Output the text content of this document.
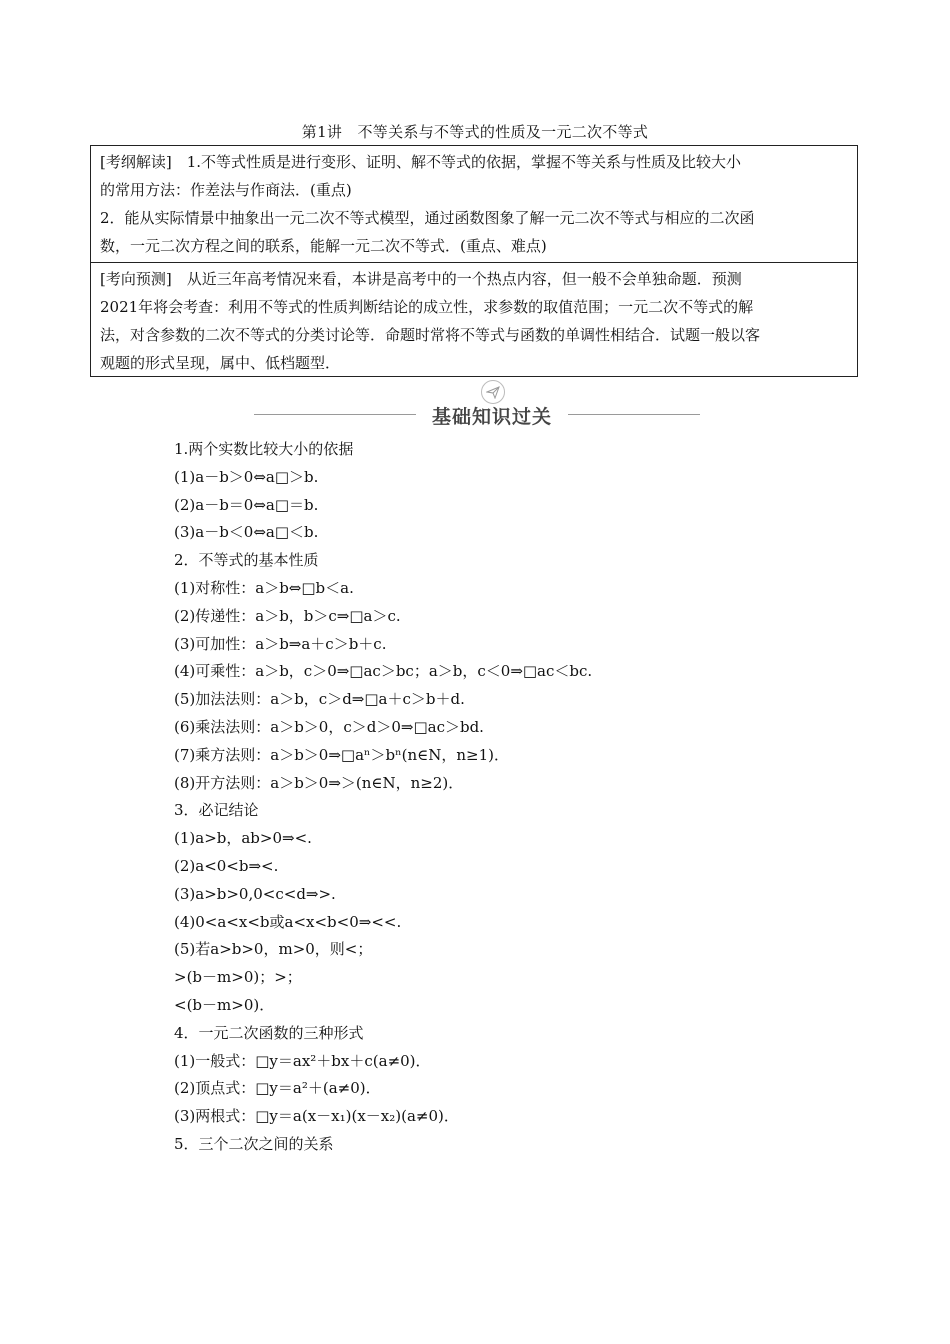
第1讲　不等关系与不等式的性质及一元二次不等式

[考纲解读]　1.不等式性质是进行变形、证明、解不等式的依据，掌握不等关系与性质及比较大小

的常用方法：作差法与作商法．(重点)

2．能从实际情景中抽象出一元二次不等式模型，通过函数图象了解一元二次不等式与相应的二次函

数，一元二次方程之间的联系，能解一元二次不等式．(重点、难点)

[考向预测]　从近三年高考情况来看，本讲是高考中的一个热点内容，但一般不会单独命题．预测

2021年将会考查：利用不等式的性质判断结论的成立性，求参数的取值范围；一元二次不等式的解

法，对含参数的二次不等式的分类讨论等．命题时常将不等式与函数的单调性相结合．试题一般以客

观题的形式呈现，属中、低档题型．

基础知识过关
1.两个实数比较大小的依据
(1)a－b＞0⇔a□＞b.
(2)a－b＝0⇔a□＝b.
(3)a－b＜0⇔a□＜b.
2．不等式的基本性质
(1)对称性：a＞b⇔□b＜a.
(2)传递性：a＞b，b＞c⇒□a＞c.
(3)可加性：a＞b⇒a＋c＞b＋c.
(4)可乘性：a＞b，c＞0⇒□ac＞bc；a＞b，c＜0⇒□ac＜bc.
(5)加法法则：a＞b，c＞d⇒□a＋c＞b＋d.
(6)乘法法则：a＞b＞0，c＞d＞0⇒□ac＞bd.
(7)乘方法则：a＞b＞0⇒□aⁿ＞bⁿ(n∈N，n≥1)．
(8)开方法则：a＞b＞0⇒＞(n∈N，n≥2)．
3．必记结论
(1)a>b，ab>0⇒<.
(2)a<0<b⇒<.
(3)a>b>0,0<c<d⇒>.
(4)0<a<x<b或a<x<b<0⇒<<.
(5)若a>b>0，m>0，则<；
>(b－m>0)；>；
<(b－m>0)．
4．一元二次函数的三种形式
(1)一般式：□y＝ax²＋bx＋c(a≠0)．
(2)顶点式：□y＝a²＋(a≠0)．
(3)两根式：□y＝a(x－x₁)(x－x₂)(a≠0)．
5．三个二次之间的关系
